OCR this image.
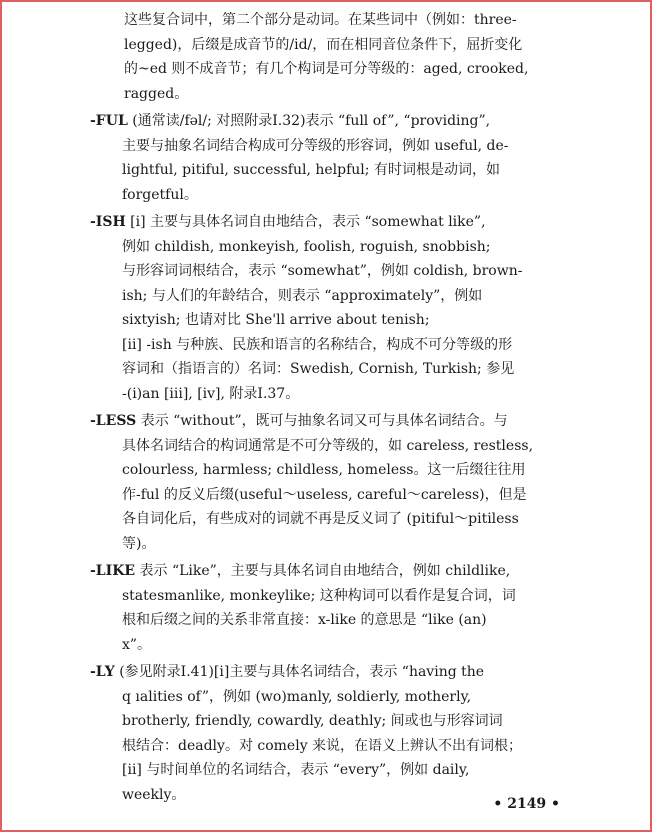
这些复合词中，第二个部分是动词。在某些词中（例如：three-
legged)，后缀是成音节的/id/，而在相同音位条件下，屈折变化
的~ed 则不成音节；有几个构词是可分等级的：aged, crooked,
ragged。
-FUL (通常读/fəl/; 对照附录Ⅰ.32)表示 “full of”, “providing”,
主要与抽象名词结合构成可分等级的形容词，例如 useful, de-
lightful, pitiful, successful, helpful; 有时词根是动词，如
forgetful。
-ISH [i] 主要与具体名词自由地结合，表示 “somewhat like”,
例如 childish, monkeyish, foolish, roguish, snobbish;
与形容词词根结合，表示 “somewhat”，例如 coldish, brown-
ish; 与人们的年龄结合，则表示 “approximately”，例如
sixtyish; 也请对比 She'll arrive about tenish;
[ii] -ish 与种族、民族和语言的名称结合，构成不可分等级的形
容词和（指语言的）名词：Swedish, Cornish, Turkish; 参见
-(i)an [iii], [iv], 附录Ⅰ.37。
-LESS 表示 “without”，既可与抽象名词又可与具体名词结合。与
具体名词结合的构词通常是不可分等级的，如 careless, restless,
colourless, harmless; childless, homeless。这一后缀往往用
作-ful 的反义后缀(useful～useless, careful～careless)，但是
各自词化后，有些成对的词就不再是反义词了 (pitiful～pitiless
等)。
-LIKE 表示 “Like”，主要与具体名词自由地结合，例如 childlike,
statesmanlike, monkeylike; 这种构词可以看作是复合词，词
根和后缀之间的关系非常直接：x-like 的意思是 “like (an)
x”。
-LY (参见附录Ⅰ.41)[i]主要与具体名词结合，表示 “having the
q ıalities of”，例如 (wo)manly, soldierly, motherly,
brotherly, friendly, cowardly, deathly; 间或也与形容词词
根结合：deadly。对 comely 来说，在语义上辨认不出有词根；
[ii] 与时间单位的名词结合，表示 “every”，例如 daily,
weekly。
• 2149 •
